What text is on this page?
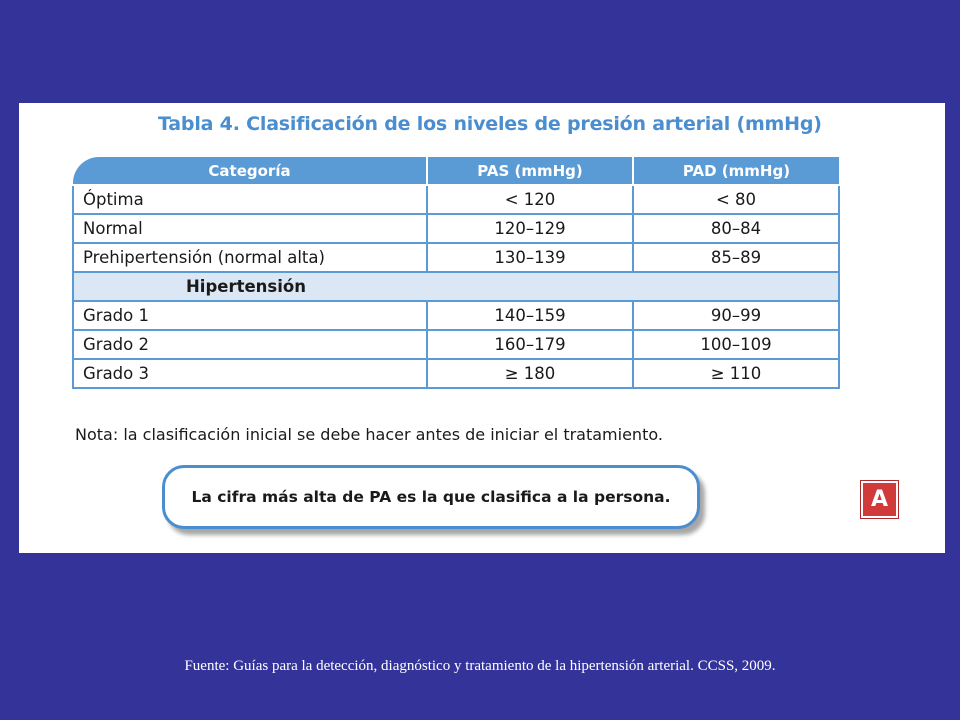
Tabla 4. Clasificación de los niveles de presión arterial (mmHg)
Categoría	PAS (mmHg)	PAD (mmHg)
Óptima	< 120	< 80
Normal	120–129	80–84
Prehipertensión (normal alta)	130–139	85–89
Hipertensión		
Grado 1	140–159	90–99
Grado 2	160–179	100–109
Grado 3	≥ 180	≥ 110
Nota: la clasificación inicial se debe hacer antes de iniciar el tratamiento.
La cifra más alta de PA es la que clasifica a la persona.	A
Fuente: Guías para la detección, diagnóstico y tratamiento de la hipertensión arterial. CCSS, 2009.
